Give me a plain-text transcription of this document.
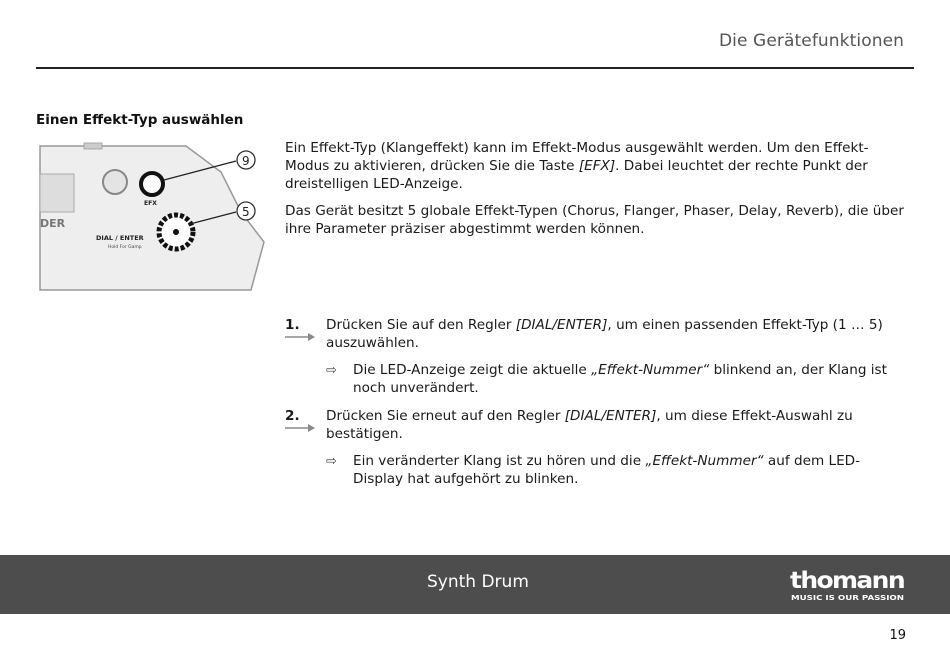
Die Gerätefunktionen
Einen Effekt-Typ auswählen
EFX
DER
DIAL / ENTER
Hold For Gamp
9
5

Ein Effekt-Typ (Klangeffekt) kann im Effekt-Modus ausgewählt werden. Um den Effekt-Modus zu aktivieren, drücken Sie die Taste [EFX]. Dabei leuchtet der rechte Punkt der dreistelligen LED-Anzeige.

Das Gerät besitzt 5 globale Effekt-Typen (Chorus, Flanger, Phaser, Delay, Reverb), die über ihre Parameter präziser abgestimmt werden können.

1.	Drücken Sie auf den Regler [DIAL/ENTER], um einen passenden Effekt-Typ (1 … 5) auszuwählen.
⇨ Die LED-Anzeige zeigt die aktuelle „Effekt-Nummer“ blinkend an, der Klang ist noch unverändert.
2.	Drücken Sie erneut auf den Regler [DIAL/ENTER], um diese Effekt-Auswahl zu bestätigen.
⇨ Ein veränderter Klang ist zu hören und die „Effekt-Nummer“ auf dem LED-Display hat aufgehört zu blinken.
Synth Drum	thomann
MUSIC IS OUR PASSION
19
